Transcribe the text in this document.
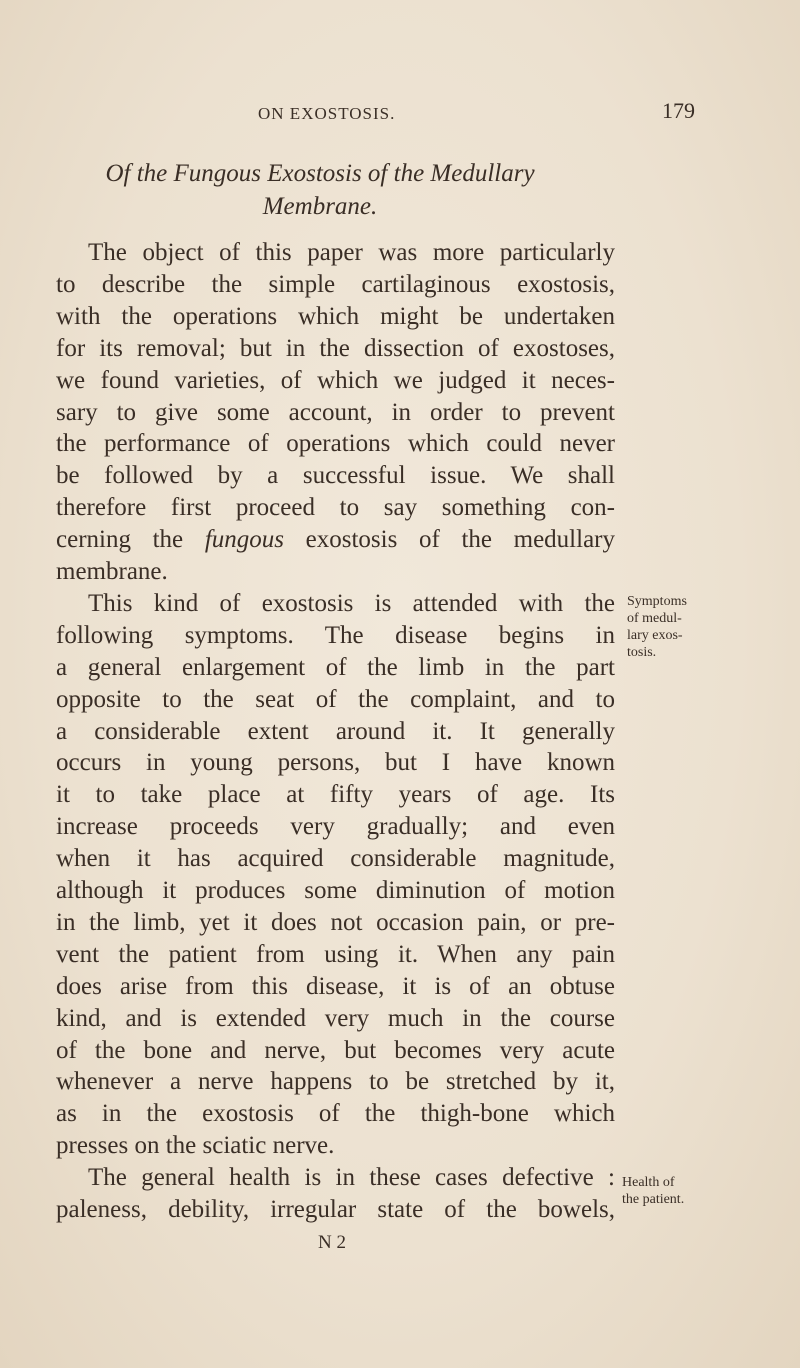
ON EXOSTOSIS.	179
Of the Fungous Exostosis of the Medullary
Membrane.
The object of this paper was more particularly
to describe the simple cartilaginous exostosis,
with the operations which might be undertaken
for its removal; but in the dissection of exostoses,
we found varieties, of which we judged it neces-
sary to give some account, in order to prevent
the performance of operations which could never
be followed by a successful issue. We shall
therefore first proceed to say something con-
cerning the fungous exostosis of the medullary
membrane.
This kind of exostosis is attended with the
following symptoms. The disease begins in
a general enlargement of the limb in the part
opposite to the seat of the complaint, and to
a considerable extent around it. It generally
occurs in young persons, but I have known
it to take place at fifty years of age. Its
increase proceeds very gradually; and even
when it has acquired considerable magnitude,
although it produces some diminution of motion
in the limb, yet it does not occasion pain, or pre-
vent the patient from using it. When any pain
does arise from this disease, it is of an obtuse
kind, and is extended very much in the course
of the bone and nerve, but becomes very acute
whenever a nerve happens to be stretched by it,
as in the exostosis of the thigh-bone which
presses on the sciatic nerve.
The general health is in these cases defective :
paleness, debility, irregular state of the bowels,
Symptoms
of medul-
lary exos-
tosis.
Health of
the patient.
N 2
